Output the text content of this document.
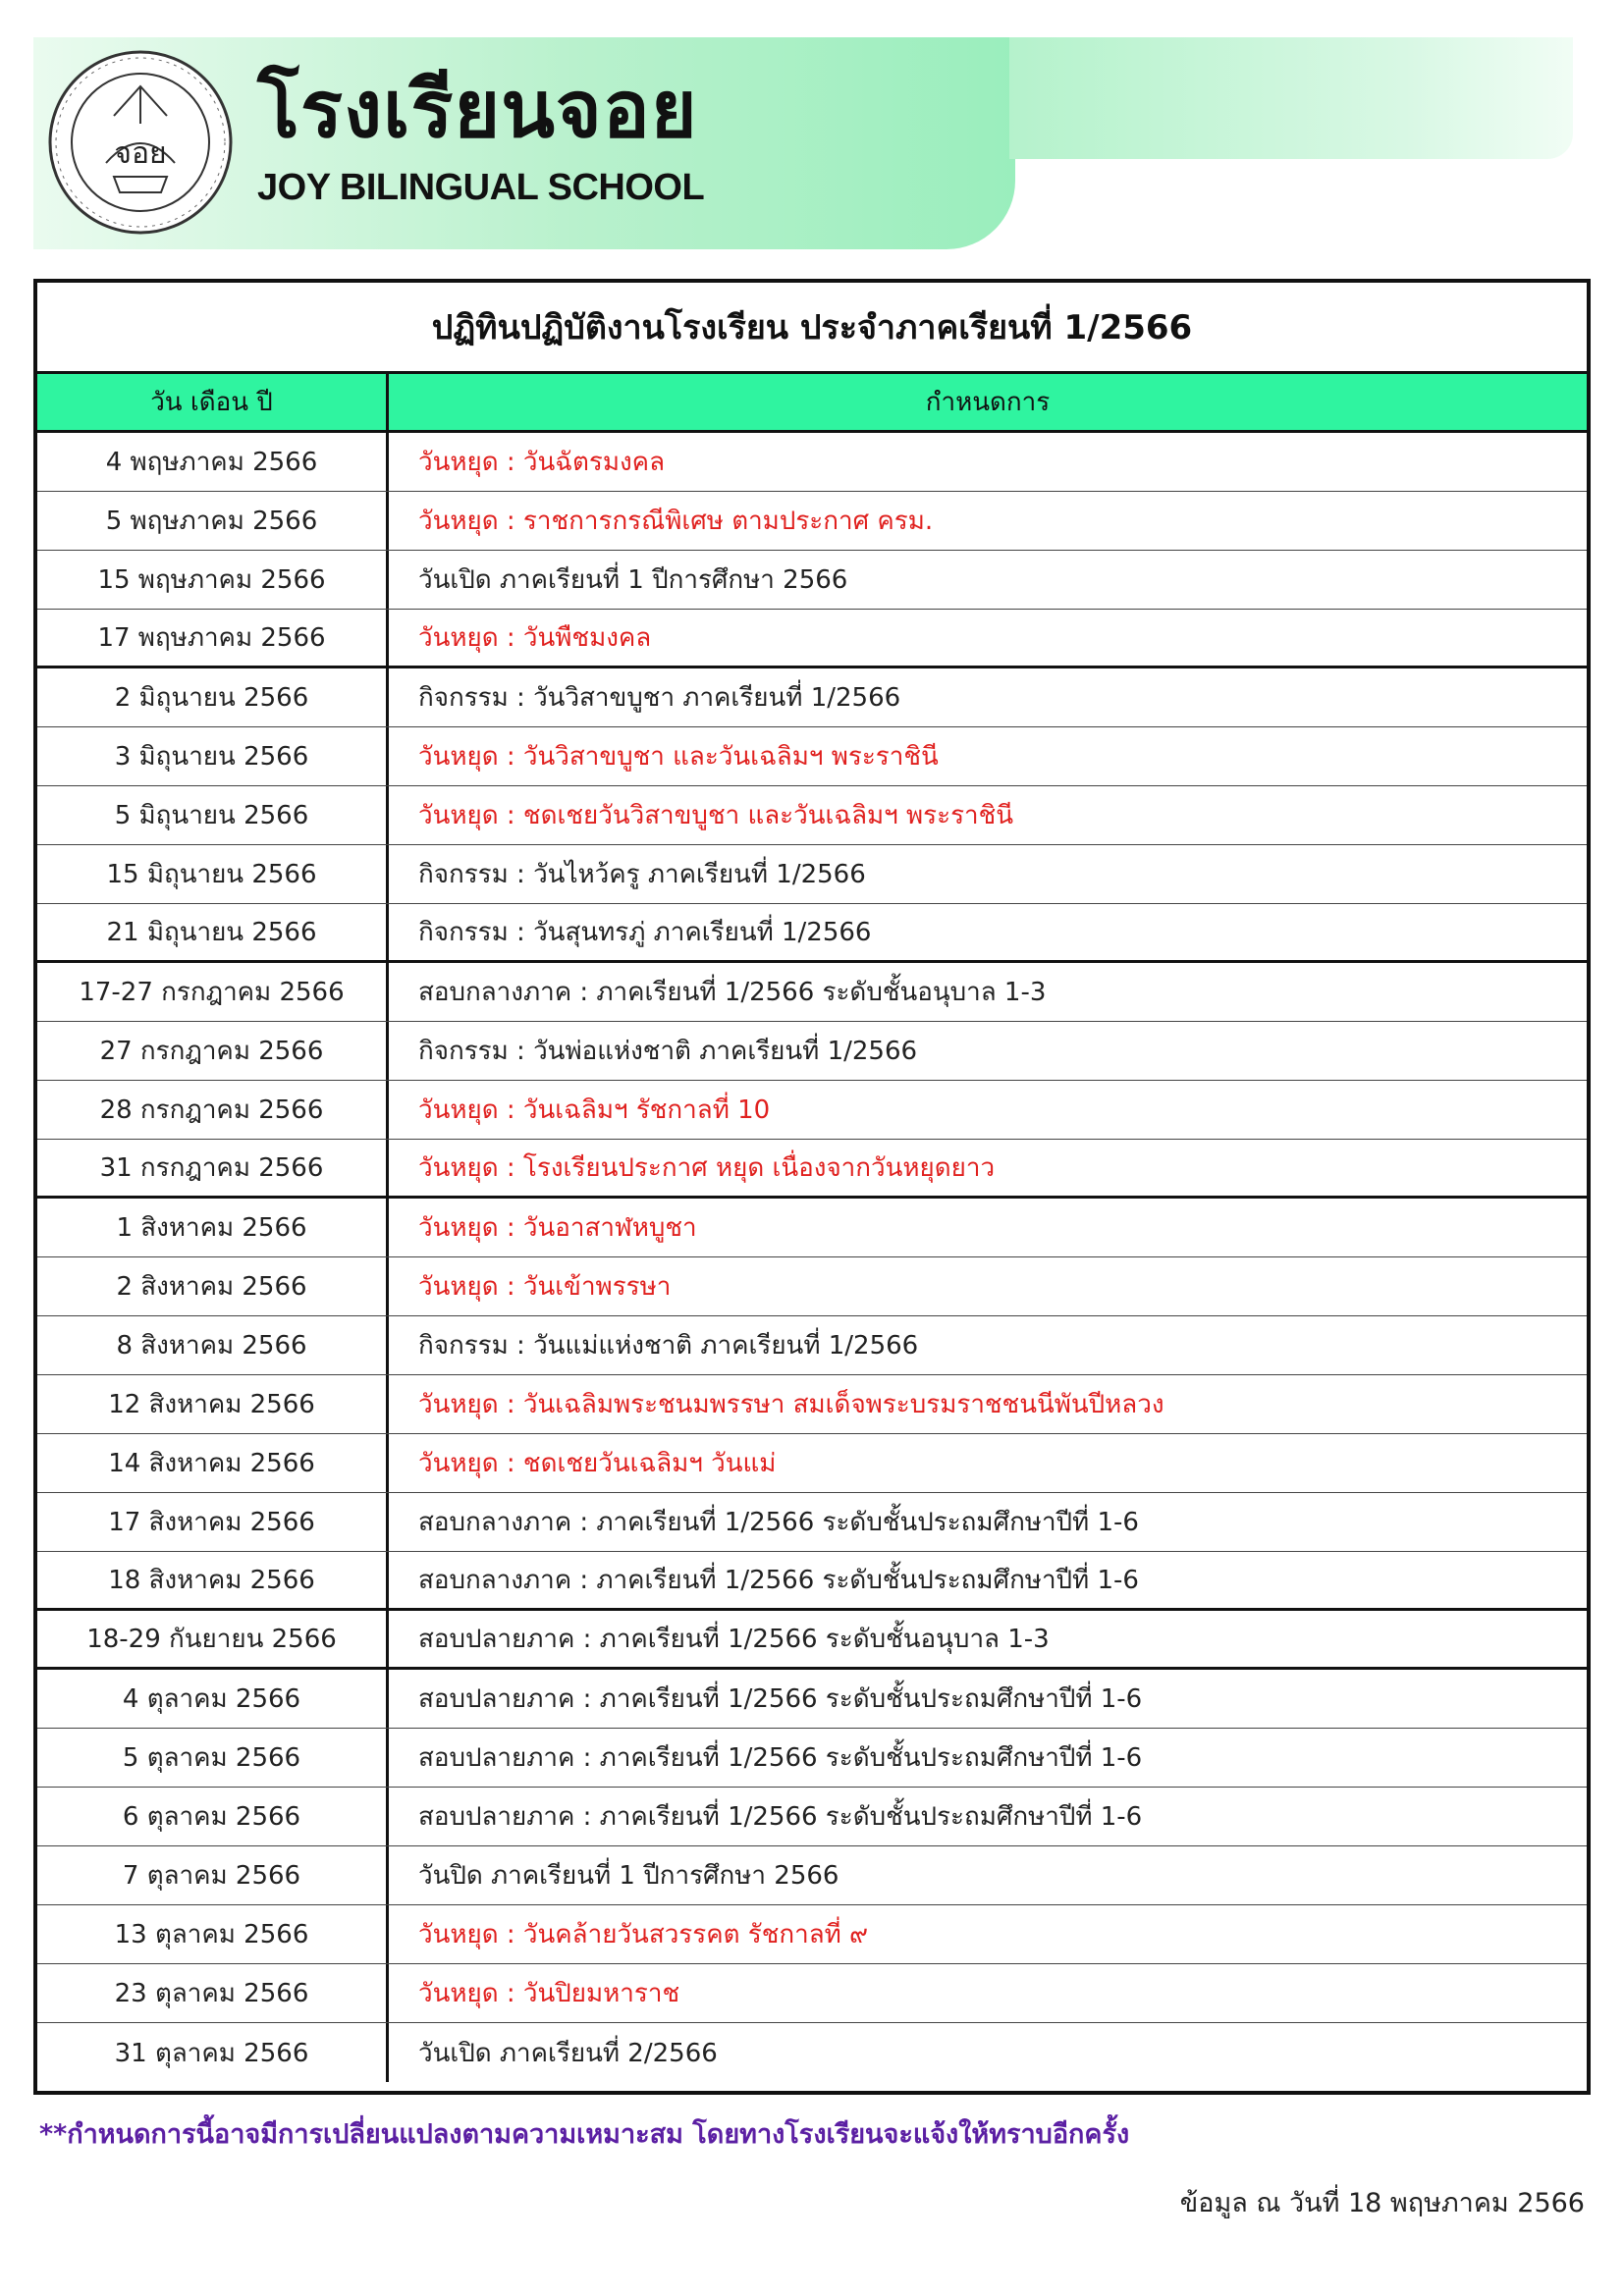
จอย โรงเรียนจอย
JOY BILINGUAL SCHOOL
ปฏิทินปฏิบัติงานโรงเรียน ประจำภาคเรียนที่ 1/2566
วัน เดือน ปี	กำหนดการ
4 พฤษภาคม 2566	วันหยุด : วันฉัตรมงคล
5 พฤษภาคม 2566	วันหยุด : ราชการกรณีพิเศษ ตามประกาศ ครม.
15 พฤษภาคม 2566	วันเปิด ภาคเรียนที่ 1 ปีการศึกษา 2566
17 พฤษภาคม 2566	วันหยุด : วันพืชมงคล
2 มิถุนายน 2566	กิจกรรม : วันวิสาขบูชา ภาคเรียนที่ 1/2566
3 มิถุนายน 2566	วันหยุด : วันวิสาขบูชา และวันเฉลิมฯ พระราชินี
5 มิถุนายน 2566	วันหยุด : ชดเชยวันวิสาขบูชา และวันเฉลิมฯ พระราชินี
15 มิถุนายน 2566	กิจกรรม : วันไหว้ครู ภาคเรียนที่ 1/2566
21 มิถุนายน 2566	กิจกรรม : วันสุนทรภู่ ภาคเรียนที่ 1/2566
17-27 กรกฎาคม 2566	สอบกลางภาค : ภาคเรียนที่ 1/2566 ระดับชั้นอนุบาล 1-3
27 กรกฎาคม 2566	กิจกรรม : วันพ่อแห่งชาติ ภาคเรียนที่ 1/2566
28 กรกฎาคม 2566	วันหยุด : วันเฉลิมฯ รัชกาลที่ 10
31 กรกฎาคม 2566	วันหยุด : โรงเรียนประกาศ หยุด เนื่องจากวันหยุดยาว
1 สิงหาคม 2566	วันหยุด : วันอาสาฬหบูชา
2 สิงหาคม 2566	วันหยุด : วันเข้าพรรษา
8 สิงหาคม 2566	กิจกรรม : วันแม่แห่งชาติ ภาคเรียนที่ 1/2566
12 สิงหาคม 2566	วันหยุด : วันเฉลิมพระชนมพรรษา สมเด็จพระบรมราชชนนีพันปีหลวง
14 สิงหาคม 2566	วันหยุด : ชดเชยวันเฉลิมฯ วันแม่
17 สิงหาคม 2566	สอบกลางภาค : ภาคเรียนที่ 1/2566 ระดับชั้นประถมศึกษาปีที่ 1-6
18 สิงหาคม 2566	สอบกลางภาค : ภาคเรียนที่ 1/2566 ระดับชั้นประถมศึกษาปีที่ 1-6
18-29 กันยายน 2566	สอบปลายภาค : ภาคเรียนที่ 1/2566 ระดับชั้นอนุบาล 1-3
4 ตุลาคม 2566	สอบปลายภาค : ภาคเรียนที่ 1/2566 ระดับชั้นประถมศึกษาปีที่ 1-6
5 ตุลาคม 2566	สอบปลายภาค : ภาคเรียนที่ 1/2566 ระดับชั้นประถมศึกษาปีที่ 1-6
6 ตุลาคม 2566	สอบปลายภาค : ภาคเรียนที่ 1/2566 ระดับชั้นประถมศึกษาปีที่ 1-6
7 ตุลาคม 2566	วันปิด ภาคเรียนที่ 1 ปีการศึกษา 2566
13 ตุลาคม 2566	วันหยุด : วันคล้ายวันสวรรคต รัชกาลที่ ๙
23 ตุลาคม 2566	วันหยุด : วันปิยมหาราช
31 ตุลาคม 2566	วันเปิด ภาคเรียนที่ 2/2566
**กำหนดการนี้อาจมีการเปลี่ยนแปลงตามความเหมาะสม โดยทางโรงเรียนจะแจ้งให้ทราบอีกครั้ง
ข้อมูล ณ วันที่ 18 พฤษภาคม 2566
